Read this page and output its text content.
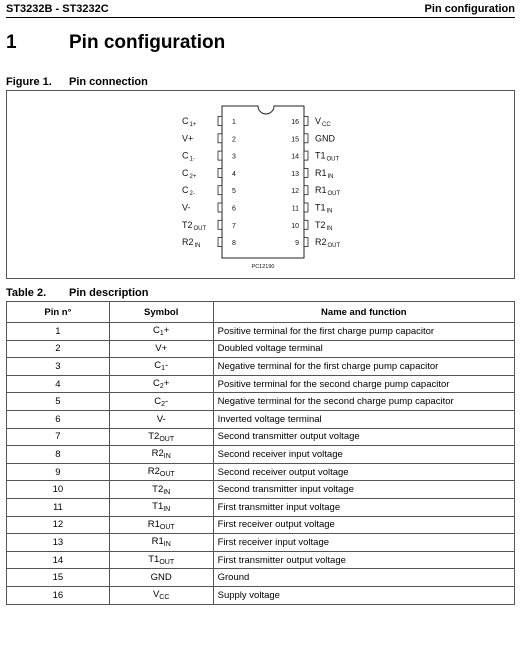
ST3232B - ST3232C	Pin configuration
1	Pin configuration
Figure 1. Pin connection
PC12190
1
$C_{1+}$
2
V+
3
$C_{1-}$
4
$C_{2+}$
5
$C_{2-}$
6
V-
7
$T2_{OUT}$
8
$R2_{IN}$
16 $V_{CC}$
15 GND
14 $T1_{OUT}$
13 $R1_{IN}$
12 $R1_{OUT}$
11 $T1_{IN}$
10 $T2_{IN}$
9 $R2_{OUT}$
Table 2. Pin description
Pin n°	Symbol	Name and function
1	$C_1+$	Positive terminal for the first charge pump capacitor
2	V+	Doubled voltage terminal
3	$C_1-$	Negative terminal for the first charge pump capacitor
4	$C_2+$	Positive terminal for the second charge pump capacitor
5	$C_2-$	Negative terminal for the second charge pump capacitor
6	V-	Inverted voltage terminal
7	$T2_{OUT}$	Second transmitter output voltage
8	$R2_{IN}$	Second receiver input voltage
9	$R2_{OUT}$	Second receiver output voltage
10	$T2_{IN}$	Second transmitter input voltage
11	$T1_{IN}$	First transmitter input voltage
12	$R1_{OUT}$	First receiver output voltage
13	$R1_{IN}$	First receiver input voltage
14	$T1_{OUT}$	First transmitter output voltage
15	GND	Ground
16	$V_{CC}$	Supply voltage
